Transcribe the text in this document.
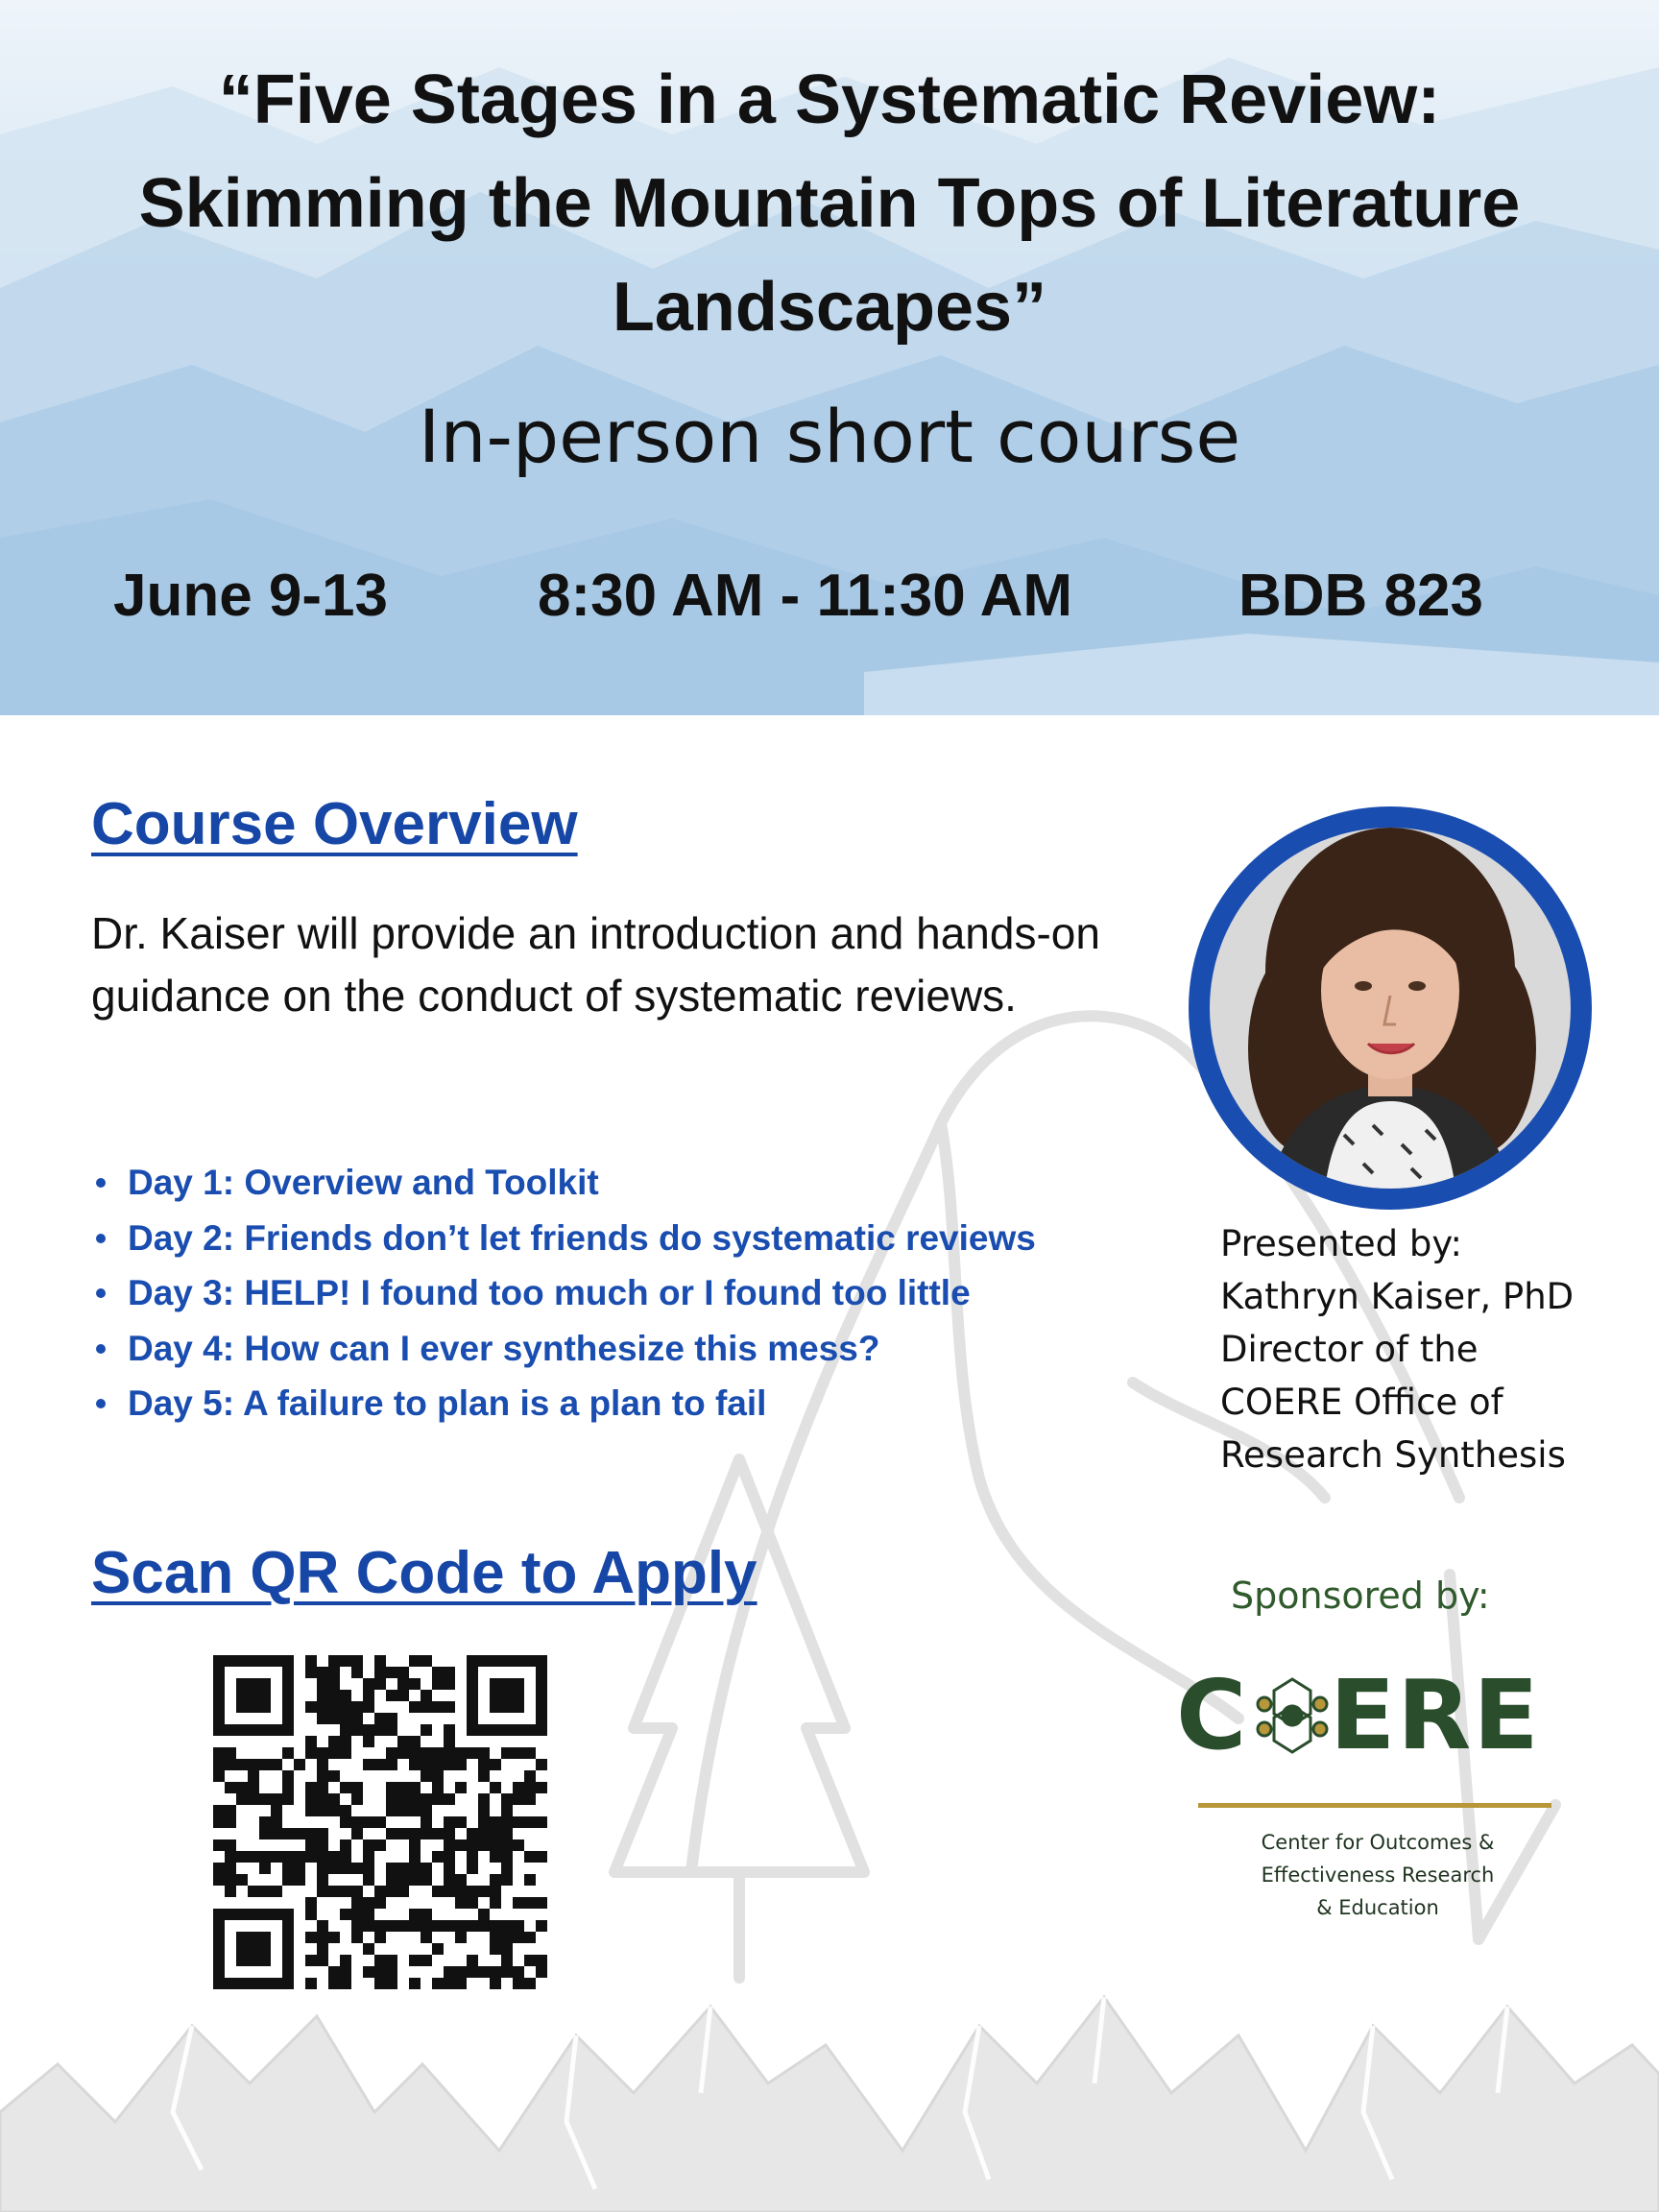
“Five Stages in a Systematic Review:
Skimming the Mountain Tops of Literature
Landscapes”

In-person short course

June 9-13	8:30 AM - 11:30 AM	BDB 823
Course Overview

Dr. Kaiser will provide an introduction and hands-on guidance on the conduct of systematic reviews.

Day 1: Overview and Toolkit
Day 2: Friends don’t let friends do systematic reviews
Day 3: HELP! I found too much or I found too little
Day 4: How can I ever synthesize this mess?
Day 5: A failure to plan is a plan to fail
Presented by:
Kathryn Kaiser, PhD
Director of the
COERE Office of
Research Synthesis
Scan QR Code to Apply	Sponsored by:
C ERE
Center for Outcomes &
Effectiveness Research
& Education
